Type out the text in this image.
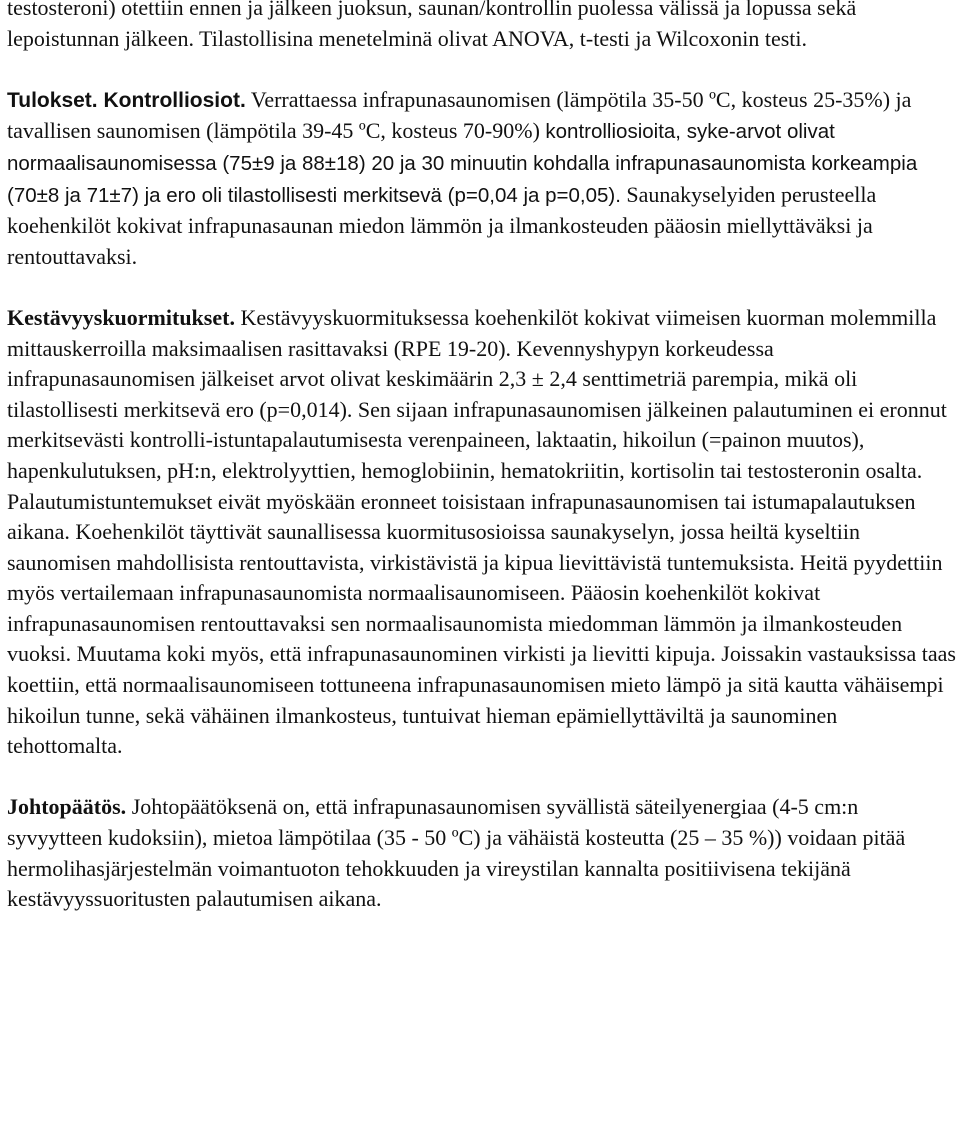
testosteroni) otettiin ennen ja jälkeen juoksun, saunan/kontrollin puolessa välissä ja lopussa sekä lepoistunnan jälkeen. Tilastollisina menetelminä olivat ANOVA, t-testi ja Wilcoxonin testi.

Tulokset. Kontrolliosiot. Verrattaessa infrapunasaunomisen (lämpötila 35-50 ºC, kosteus 25-35%) ja tavallisen saunomisen (lämpötila 39-45 ºC, kosteus 70-90%) kontrolliosioita, syke-arvot olivat normaalisaunomisessa (75±9 ja 88±18) 20 ja 30 minuutin kohdalla infrapunasaunomista korkeampia (70±8 ja 71±7) ja ero oli tilastollisesti merkitsevä (p=0,04 ja p=0,05). Saunakyselyiden perusteella koehenkilöt kokivat infrapunasaunan miedon lämmön ja ilmankosteuden pääosin miellyttäväksi ja rentouttavaksi.

Kestävyyskuormitukset. Kestävyyskuormituksessa koehenkilöt kokivat viimeisen kuorman molemmilla mittauskerroilla maksimaalisen rasittavaksi (RPE 19-20). Kevennyshypyn korkeudessa infrapunasaunomisen jälkeiset arvot olivat keskimäärin 2,3 ± 2,4 senttimetriä parempia, mikä oli tilastollisesti merkitsevä ero (p=0,014). Sen sijaan infrapunasaunomisen jälkeinen palautuminen ei eronnut merkitsevästi kontrolli-istuntapalautumisesta verenpaineen, laktaatin, hikoilun (=painon muutos), hapenkulutuksen, pH:n, elektrolyyttien, hemoglobiinin, hematokriitin, kortisolin tai testosteronin osalta. Palautumistuntemukset eivät myöskään eronneet toisistaan infrapunasaunomisen tai istumapalautuksen aikana. Koehenkilöt täyttivät saunallisessa kuormitusosioissa saunakyselyn, jossa heiltä kyseltiin saunomisen mahdollisista rentouttavista, virkistävistä ja kipua lievittävistä tuntemuksista. Heitä pyydettiin myös vertailemaan infrapunasaunomista normaalisaunomiseen. Pääosin koehenkilöt kokivat infrapunasaunomisen rentouttavaksi sen normaalisaunomista miedomman lämmön ja ilmankosteuden vuoksi. Muutama koki myös, että infrapunasaunominen virkisti ja lievitti kipuja. Joissakin vastauksissa taas koettiin, että normaalisaunomiseen tottuneena infrapunasaunomisen mieto lämpö ja sitä kautta vähäisempi hikoilun tunne, sekä vähäinen ilmankosteus, tuntuivat hieman epämiellyttäviltä ja saunominen tehottomalta.

Johtopäätös. Johtopäätöksenä on, että infrapunasaunomisen syvällistä säteilyenergiaa (4-5 cm:n syvyytteen kudoksiin), mietoa lämpötilaa (35 - 50 ºC) ja vähäistä kosteutta (25 – 35 %)) voidaan pitää hermolihasjärjestelmän voimantuoton tehokkuuden ja vireystilan kannalta positiivisena tekijänä kestävyyssuoritusten palautumisen aikana.
